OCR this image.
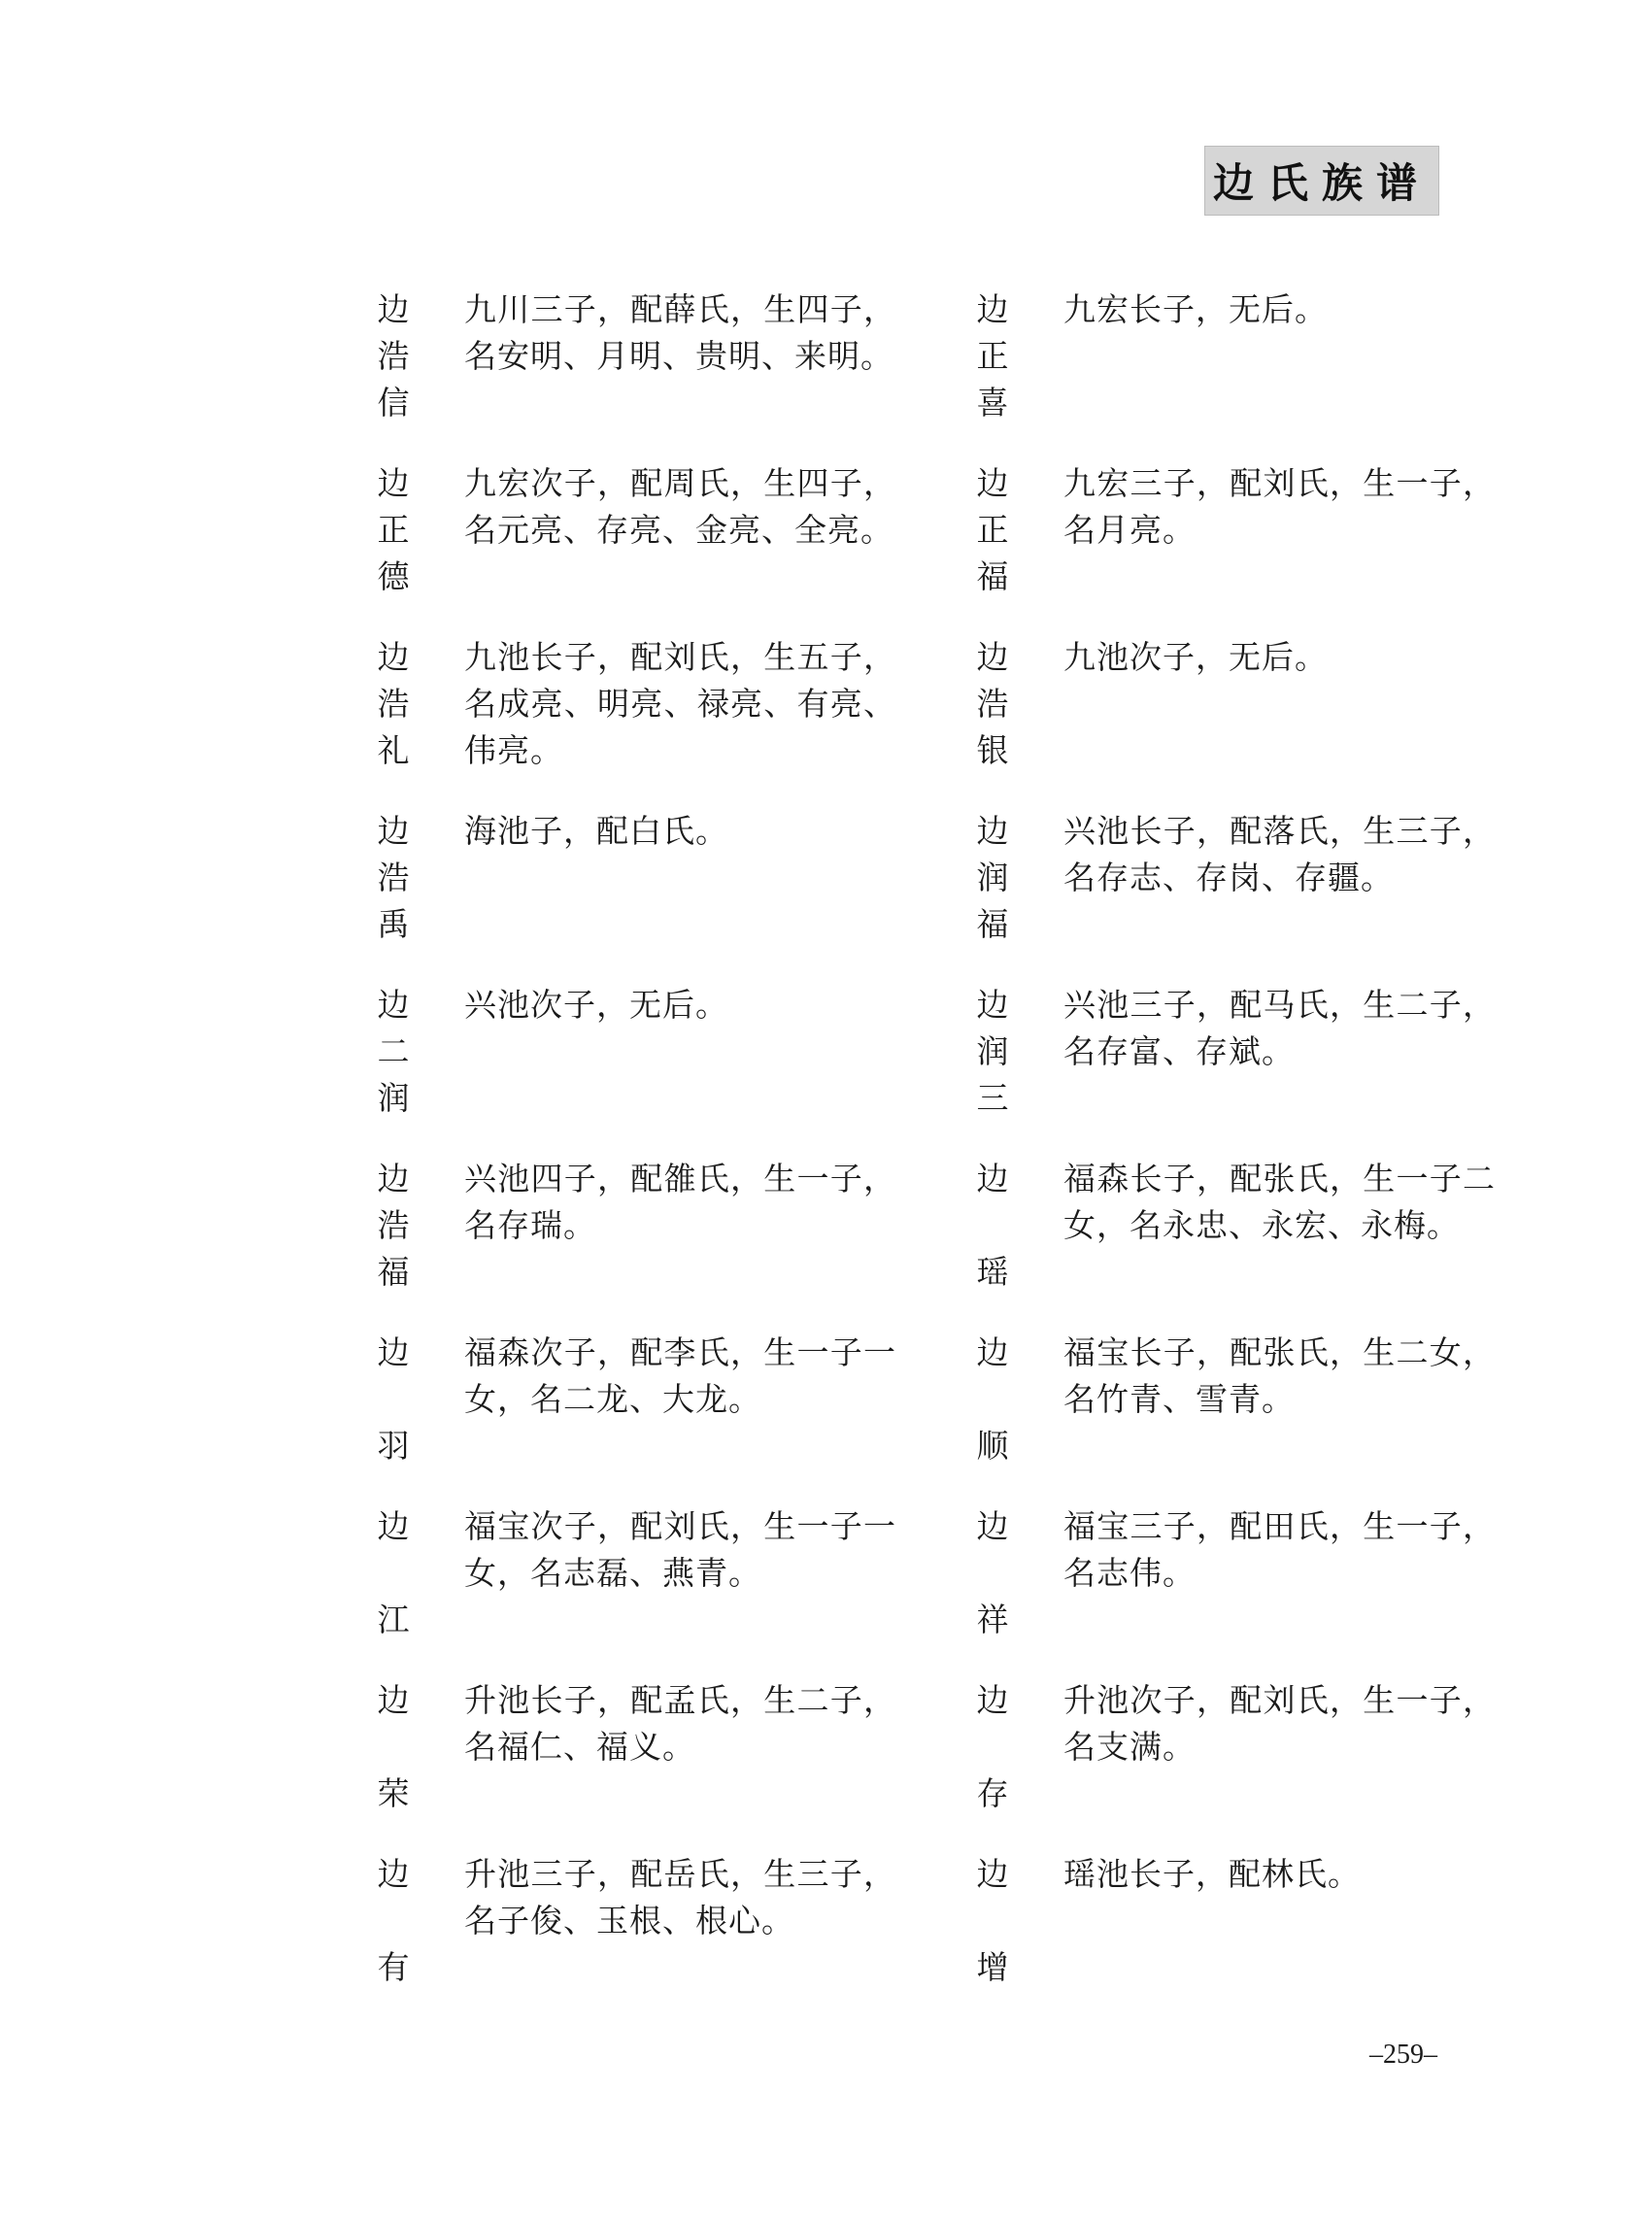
边氏族谱
边
浩
信
九川三子，配薛氏，生四子，名安明、月明、贵明、来明。
边
正
德
九宏次子，配周氏，生四子，名元亮、存亮、金亮、全亮。
边
浩
礼
九池长子，配刘氏，生五子，名成亮、明亮、禄亮、有亮、伟亮。
边
浩
禹
海池子，配白氏。
边
二
润
兴池次子，无后。
边
浩
福
兴池四子，配雒氏，生一子，名存瑞。
边
羽
福森次子，配李氏，生一子一女，名二龙、大龙。
边
江
福宝次子，配刘氏，生一子一女，名志磊、燕青。
边
荣
升池长子，配孟氏，生二子，名福仁、福义。
边
有
升池三子，配岳氏，生三子，名子俊、玉根、根心。
边
正
喜
九宏长子，无后。
边
正
福
九宏三子，配刘氏，生一子，名月亮。
边
浩
银
九池次子，无后。
边
润
福
兴池长子，配落氏，生三子，名存志、存岗、存疆。
边
润
三
兴池三子，配马氏，生二子，名存富、存斌。
边
瑶
福森长子，配张氏，生一子二女，名永忠、永宏、永梅。
边
顺
福宝长子，配张氏，生二女，名竹青、雪青。
边
祥
福宝三子，配田氏，生一子，名志伟。
边
存
升池次子，配刘氏，生一子，名支满。
边
增
瑶池长子，配林氏。
–259–
